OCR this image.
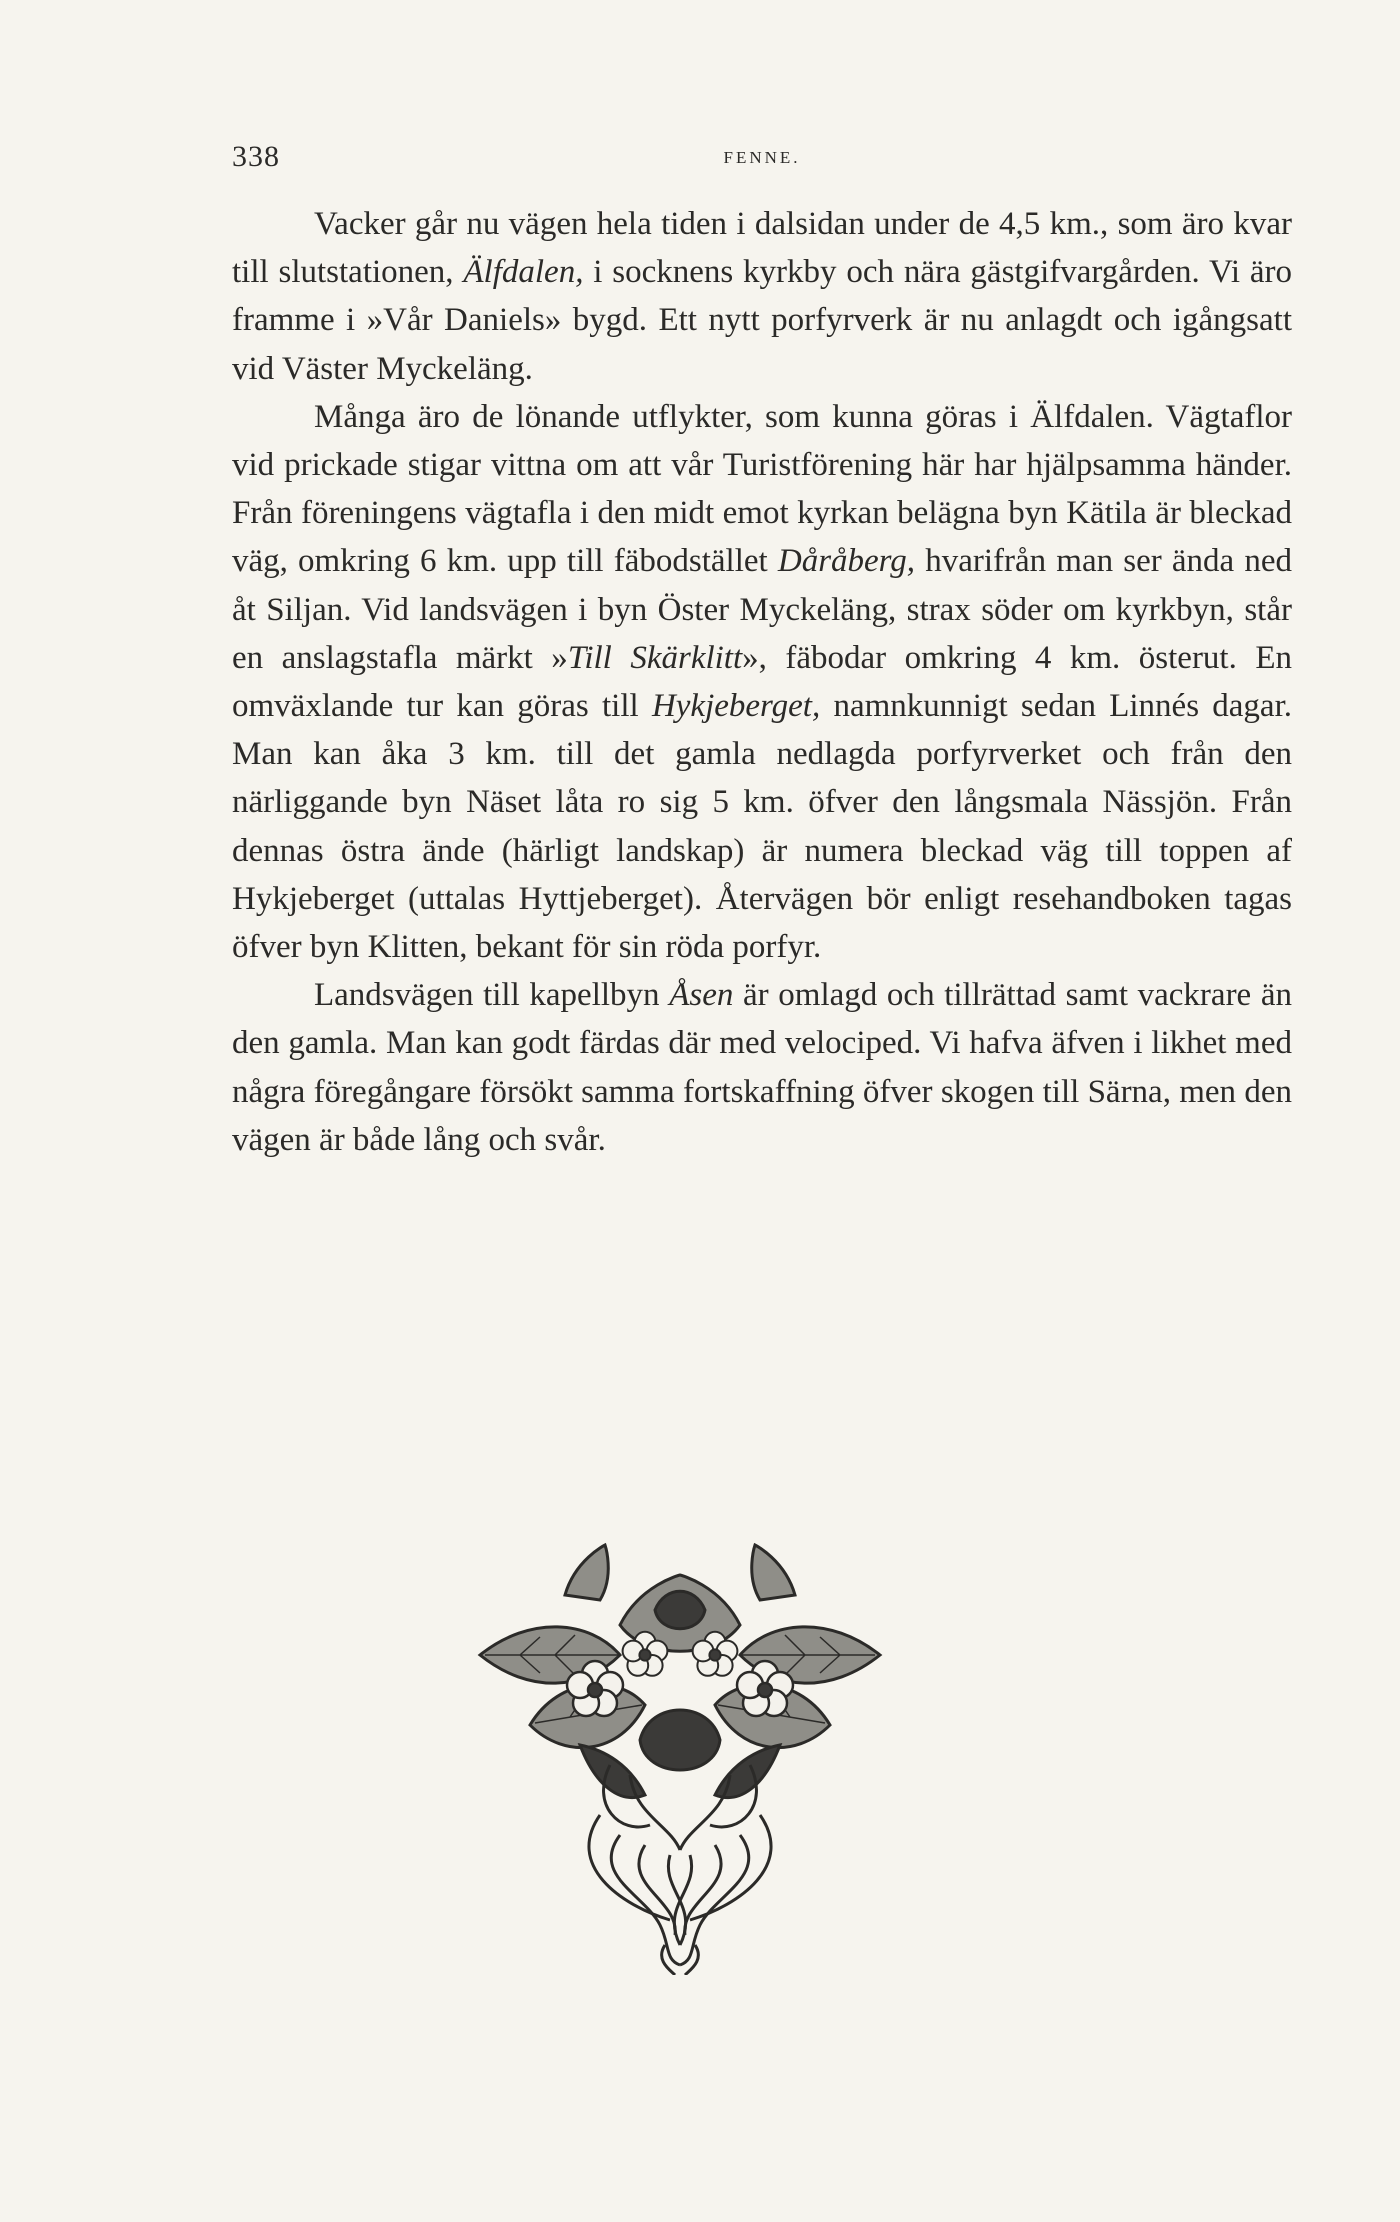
338	FENNE.

Vacker går nu vägen hela tiden i dalsidan under de 4,5 km., som äro kvar till slutstationen, Älfdalen, i socknens kyrkby och nära gästgifvargården. Vi äro framme i »Vår Daniels» bygd. Ett nytt porfyrverk är nu anlagdt och igångsatt vid Väster Myckeläng.

Många äro de lönande utflykter, som kunna göras i Älfdalen. Vägtaflor vid prickade stigar vittna om att vår Turistförening här har hjälpsamma händer. Från föreningens vägtafla i den midt emot kyrkan belägna byn Kätila är bleckad väg, omkring 6 km. upp till fäbodstället Dåråberg, hvarifrån man ser ända ned åt Siljan. Vid landsvägen i byn Öster Myckeläng, strax söder om kyrkbyn, står en anslagstafla märkt »Till Skärklitt», fäbodar omkring 4 km. österut. En omväxlande tur kan göras till Hykjeberget, namnkunnigt sedan Linnés dagar. Man kan åka 3 km. till det gamla nedlagda porfyrverket och från den närliggande byn Näset låta ro sig 5 km. öfver den långsmala Nässjön. Från dennas östra ände (härligt landskap) är numera bleckad väg till toppen af Hykjeberget (uttalas Hyttjeberget). Återvägen bör enligt resehandboken tagas öfver byn Klitten, bekant för sin röda porfyr.

Landsvägen till kapellbyn Åsen är omlagd och tillrättad samt vackrare än den gamla. Man kan godt färdas där med velociped. Vi hafva äfven i likhet med några föregångare försökt samma fortskaffning öfver skogen till Särna, men den vägen är både lång och svår.
